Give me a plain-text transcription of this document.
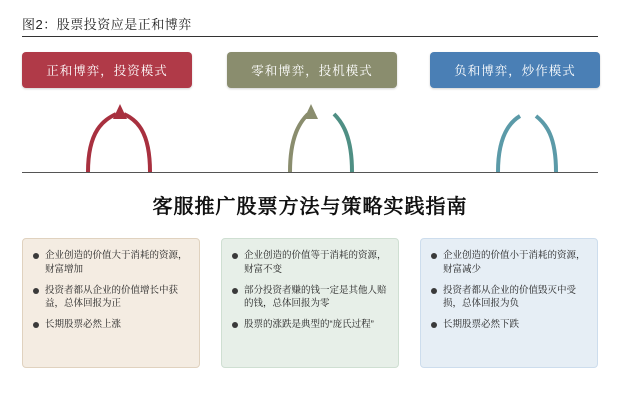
图2：股票投资应是正和博弈
正和博弈，投资模式	零和博弈，投机模式	负和博弈，炒作模式
客服推广股票方法与策略实践指南
企业创造的价值大于消耗的资源，财富增加
投资者都从企业的价值增长中获益，总体回报为正
长期股票必然上涨
企业创造的价值等于消耗的资源，财富不变
部分投资者赚的钱一定是其他人赔的钱，总体回报为零
股票的涨跌是典型的“庞氏过程”
企业创造的价值小于消耗的资源，财富减少
投资者都从企业的价值毁灭中受损，总体回报为负
长期股票必然下跌
